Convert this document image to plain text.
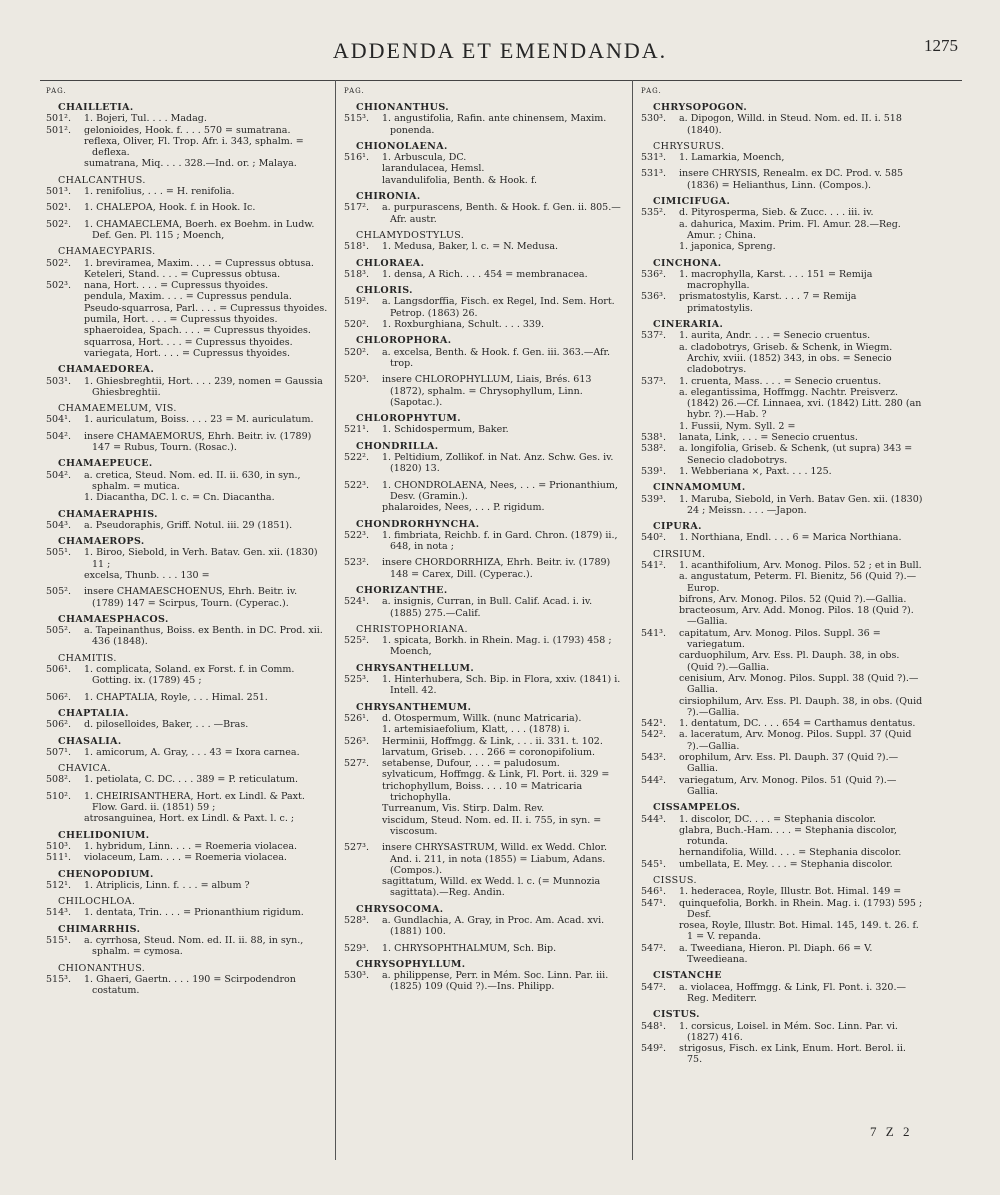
ADDENDA ET EMENDANDA.	1275
PAG.
CHAILLETIA.
501². 1. Bojeri, Tul. . . . Madag.
501². gelonioides, Hook. f. . . . 570 = sumatrana.
reflexa, Oliver, Fl. Trop. Afr. i. 343, sphalm. = deflexa.
sumatrana, Miq. . . . 328.—Ind. or. ; Malaya.
CHALCANTHUS.
501³. 1. renifolius, . . . = H. renifolia.
502¹. 1. CHALEPOA, Hook. f. in Hook. Ic.
502². 1. CHAMAECLEMA, Boerh. ex Boehm. in Ludw. Def. Gen. Pl. 115 ; Moench,
CHAMAECYPARIS.
502². 1. breviramea, Maxim. . . . = Cupressus obtusa.
Keteleri, Stand. . . . = Cupressus obtusa.
502³. nana, Hort. . . . = Cupressus thyoides.
pendula, Maxim. . . . = Cupressus pendula.
Pseudo-squarrosa, Parl. . . . = Cupressus thyoides.
pumila, Hort. . . . = Cupressus thyoides.
sphaeroidea, Spach. . . . = Cupressus thyoides.
squarrosa, Hort. . . . = Cupressus thyoides.
variegata, Hort. . . . = Cupressus thyoides.
CHAMAEDOREA.
503¹. 1. Ghiesbreghtii, Hort. . . . 239, nomen = Gaussia Ghiesbreghtii.
CHAMAEMELUM, VIS.
504¹. 1. auriculatum, Boiss. . . . 23 = M. auriculatum.
504². insere CHAMAEMORUS, Ehrh. Beitr. iv. (1789) 147 = Rubus, Tourn. (Rosac.).
CHAMAEPEUCE.
504². a. cretica, Steud. Nom. ed. II. ii. 630, in syn., sphalm. = mutica.
1. Diacantha, DC. l. c. = Cn. Diacantha.
CHAMAERAPHIS.
504³. a. Pseudoraphis, Griff. Notul. iii. 29 (1851).
CHAMAEROPS.
505¹. 1. Biroo, Siebold, in Verh. Batav. Gen. xii. (1830) 11 ;
excelsa, Thunb. . . . 130 =
505². insere CHAMAESCHOENUS, Ehrh. Beitr. iv. (1789) 147 = Scirpus, Tourn. (Cyperac.).
CHAMAESPHACOS.
505². a. Tapeinanthus, Boiss. ex Benth. in DC. Prod. xii. 436 (1848).
CHAMITIS.
506¹. 1. complicata, Soland. ex Forst. f. in Comm. Gotting. ix. (1789) 45 ;
506². 1. CHAPTALIA, Royle, . . . Himal. 251.
CHAPTALIA.
506². d. piloselloides, Baker, . . . —Bras.
CHASALIA.
507¹. 1. amicorum, A. Gray, . . . 43 = Ixora carnea.
CHAVICA.
508². 1. petiolata, C. DC. . . . 389 = P. reticulatum.
510². 1. CHEIRISANTHERA, Hort. ex Lindl. & Paxt. Flow. Gard. ii. (1851) 59 ;
atrosanguinea, Hort. ex Lindl. & Paxt. l. c. ;
CHELIDONIUM.
510³. 1. hybridum, Linn. . . . = Roemeria violacea.
511¹. violaceum, Lam. . . . = Roemeria violacea.
CHENOPODIUM.
512¹. 1. Atriplicis, Linn. f. . . . = album ?
CHILOCHLOA.
514³. 1. dentata, Trin. . . . = Prionanthium rigidum.
CHIMARRHIS.
515¹. a. cyrrhosa, Steud. Nom. ed. II. ii. 88, in syn., sphalm. = cymosa.
CHIONANTHUS.
515³. 1. Ghaeri, Gaertn. . . . 190 = Scirpodendron costatum.
PAG.
CHIONANTHUS.
515³. 1. angustifolia, Rafin. ante chinensem, Maxim. ponenda.
CHIONOLAENA.
516¹. 1. Arbuscula, DC.
larandulacea, Hemsl.
lavandulifolia, Benth. & Hook. f.
CHIRONIA.
517². a. purpurascens, Benth. & Hook. f. Gen. ii. 805.—Afr. austr.
CHLAMYDOSTYLUS.
518¹. 1. Medusa, Baker, l. c. = N. Medusa.
CHLORAEA.
518³. 1. densa, A Rich. . . . 454 = membranacea.
CHLORIS.
519². a. Langsdorffia, Fisch. ex Regel, Ind. Sem. Hort. Petrop. (1863) 26.
520². 1. Roxburghiana, Schult. . . . 339.
CHLOROPHORA.
520². a. excelsa, Benth. & Hook. f. Gen. iii. 363.—Afr. trop.
520³. insere CHLOROPHYLLUM, Liais, Brés. 613 (1872), sphalm. = Chrysophyllum, Linn. (Sapotac.).
CHLOROPHYTUM.
521¹. 1. Schidospermum, Baker.
CHONDRILLA.
522². 1. Peltidium, Zollikof. in Nat. Anz. Schw. Ges. iv. (1820) 13.
522³. 1. CHONDROLAENA, Nees, . . . = Prionanthium, Desv. (Gramin.).
phalaroides, Nees, . . . P. rigidum.
CHONDRORHYNCHA.
522³. 1. fimbriata, Reichb. f. in Gard. Chron. (1879) ii., 648, in nota ;
523². insere CHORDORRHIZA, Ehrh. Beitr. iv. (1789) 148 = Carex, Dill. (Cyperac.).
CHORIZANTHE.
524¹. a. insignis, Curran, in Bull. Calif. Acad. i. iv. (1885) 275.—Calif.
CHRISTOPHORIANA.
525². 1. spicata, Borkh. in Rhein. Mag. i. (1793) 458 ; Moench,
CHRYSANTHELLUM.
525³. 1. Hinterhubera, Sch. Bip. in Flora, xxiv. (1841) i. Intell. 42.
CHRYSANTHEMUM.
526¹. d. Otospermum, Willk. (nunc Matricaria).
1. artemisiaefolium, Klatt, . . . (1878) i.
526³. Herminii, Hoffmgg. & Link, . . . ii. 331. t. 102.
larvatum, Griseb. . . . 266 = coronopifolium.
527². setabense, Dufour, . . . = paludosum.
sylvaticum, Hoffmgg. & Link, Fl. Port. ii. 329 =
trichophyllum, Boiss. . . . 10 = Matricaria trichophylla.
Turreanum, Vis. Stirp. Dalm. Rev.
viscidum, Steud. Nom. ed. II. i. 755, in syn. = viscosum.
527³. insere CHRYSASTRUM, Willd. ex Wedd. Chlor. And. i. 211, in nota (1855) = Liabum, Adans. (Compos.).
sagittatum, Willd. ex Wedd. l. c. (= Munnozia sagittata).—Reg. Andin.
CHRYSOCOMA.
528³. a. Gundlachia, A. Gray, in Proc. Am. Acad. xvi. (1881) 100.
529³. 1. CHRYSOPHTHALMUM, Sch. Bip.
CHRYSOPHYLLUM.
530³. a. philippense, Perr. in Mém. Soc. Linn. Par. iii. (1825) 109 (Quid ?).—Ins. Philipp.
PAG.
CHRYSOPOGON.
530³. a. Dipogon, Willd. in Steud. Nom. ed. II. i. 518 (1840).
CHRYSURUS.
531³. 1. Lamarkia, Moench,
531³. insere CHRYSIS, Renealm. ex DC. Prod. v. 585 (1836) = Helianthus, Linn. (Compos.).
CIMICIFUGA.
535². d. Pityrosperma, Sieb. & Zucc. . . . iii. iv.
a. dahurica, Maxim. Prim. Fl. Amur. 28.—Reg. Amur. ; China.
1. japonica, Spreng.
CINCHONA.
536². 1. macrophylla, Karst. . . . 151 = Remija macrophylla.
536³. prismatostylis, Karst. . . . 7 = Remija primatostylis.
CINERARIA.
537². 1. aurita, Andr. . . . = Senecio cruentus.
a. cladobotrys, Griseb. & Schenk, in Wiegm. Archiv, xviii. (1852) 343, in obs. = Senecio cladobotrys.
537³. 1. cruenta, Mass. . . . = Senecio cruentus.
a. elegantissima, Hoffmgg. Nachtr. Preisverz. (1842) 26.—Cf. Linnaea, xvi. (1842) Litt. 280 (an hybr. ?).—Hab. ?
1. Fussii, Nym. Syll. 2 =
538¹. lanata, Link, . . . = Senecio cruentus.
538². a. longifolia, Griseb. & Schenk, (ut supra) 343 = Senecio cladobotrys.
539¹. 1. Webberiana ×, Paxt. . . . 125.
CINNAMOMUM.
539³. 1. Maruba, Siebold, in Verh. Batav Gen. xii. (1830) 24 ; Meissn. . . . —Japon.
CIPURA.
540². 1. Northiana, Endl. . . . 6 = Marica Northiana.
CIRSIUM.
541². 1. acanthifolium, Arv. Monog. Pilos. 52 ; et in Bull.
a. angustatum, Peterm. Fl. Bienitz, 56 (Quid ?).—Europ.
bifrons, Arv. Monog. Pilos. 52 (Quid ?).—Gallia.
bracteosum, Arv. Add. Monog. Pilos. 18 (Quid ?).—Gallia.
541³. capitatum, Arv. Monog. Pilos. Suppl. 36 = variegatum.
carduophilum, Arv. Ess. Pl. Dauph. 38, in obs. (Quid ?).—Gallia.
cenisium, Arv. Monog. Pilos. Suppl. 38 (Quid ?).—Gallia.
cirsiophilum, Arv. Ess. Pl. Dauph. 38, in obs. (Quid ?).—Gallia.
542¹. 1. dentatum, DC. . . . 654 = Carthamus dentatus.
542². a. laceratum, Arv. Monog. Pilos. Suppl. 37 (Quid ?).—Gallia.
543². orophilum, Arv. Ess. Pl. Dauph. 37 (Quid ?).—Gallia.
544². variegatum, Arv. Monog. Pilos. 51 (Quid ?).—Gallia.
CISSAMPELOS.
544³. 1. discolor, DC. . . . = Stephania discolor.
glabra, Buch.-Ham. . . . = Stephania discolor, rotunda.
hernandifolia, Willd. . . . = Stephania discolor.
545¹. umbellata, E. Mey. . . . = Stephania discolor.
CISSUS.
546¹. 1. hederacea, Royle, Illustr. Bot. Himal. 149 =
547¹. quinquefolia, Borkh. in Rhein. Mag. i. (1793) 595 ; Desf.
rosea, Royle, Illustr. Bot. Himal. 145, 149. t. 26. f. 1 = V. repanda.
547². a. Tweediana, Hieron. Pl. Diaph. 66 = V. Tweedieana.
CISTANCHE
547². a. violacea, Hoffmgg. & Link, Fl. Pont. i. 320.—Reg. Mediterr.
CISTUS.
548¹. 1. corsicus, Loisel. in Mém. Soc. Linn. Par. vi. (1827) 416.
549². strigosus, Fisch. ex Link, Enum. Hort. Berol. ii. 75.
7 Z 2
